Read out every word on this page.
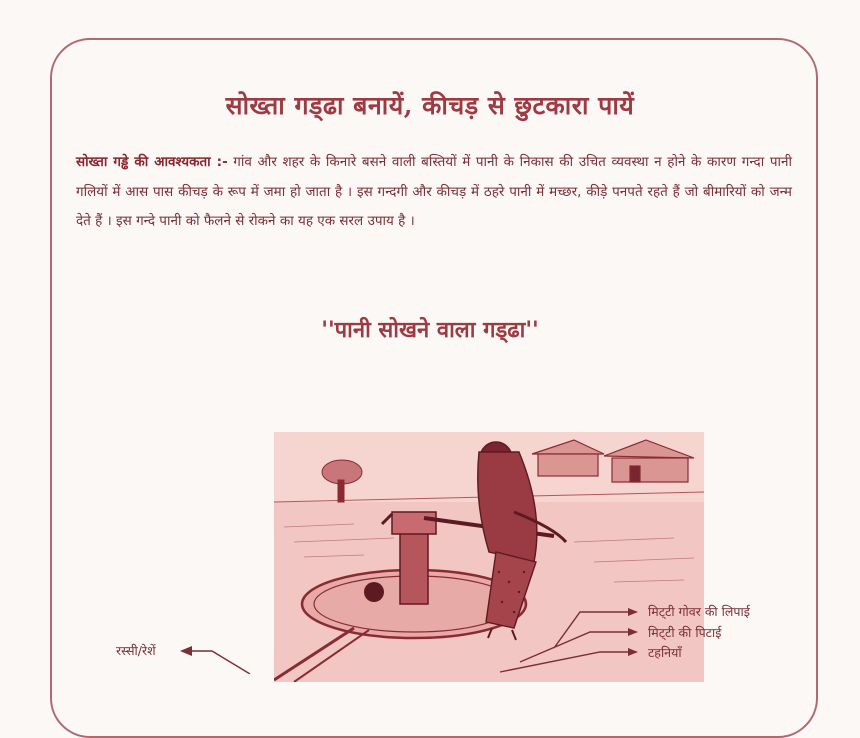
सोख्ता गड्‌ढा बनायें, कीचड़ से छुटकारा पायें
सोख्ता गड्ढे की आवश्यकता :- गांव और शहर के किनारे बसने वाली बस्तियों में पानी के निकास की उचित व्यवस्था न होने के कारण गन्दा पानी गलियों में आस पास कीचड़ के रूप में जमा हो जाता है । इस गन्दगी और कीचड़ में ठहरे पानी में मच्छर, कीड़े पनपते रहते हैं जो बीमारियों को जन्म देते हैं । इस गन्दे पानी को फैलने से रोकने का यह एक सरल उपाय है ।
''पानी सोखने वाला गड्‌ढा''
मिट्‌टी गोवर की लिपाई
मिट्‌टी की पिटाई
टहनियाँ
रस्सी/रेशें
